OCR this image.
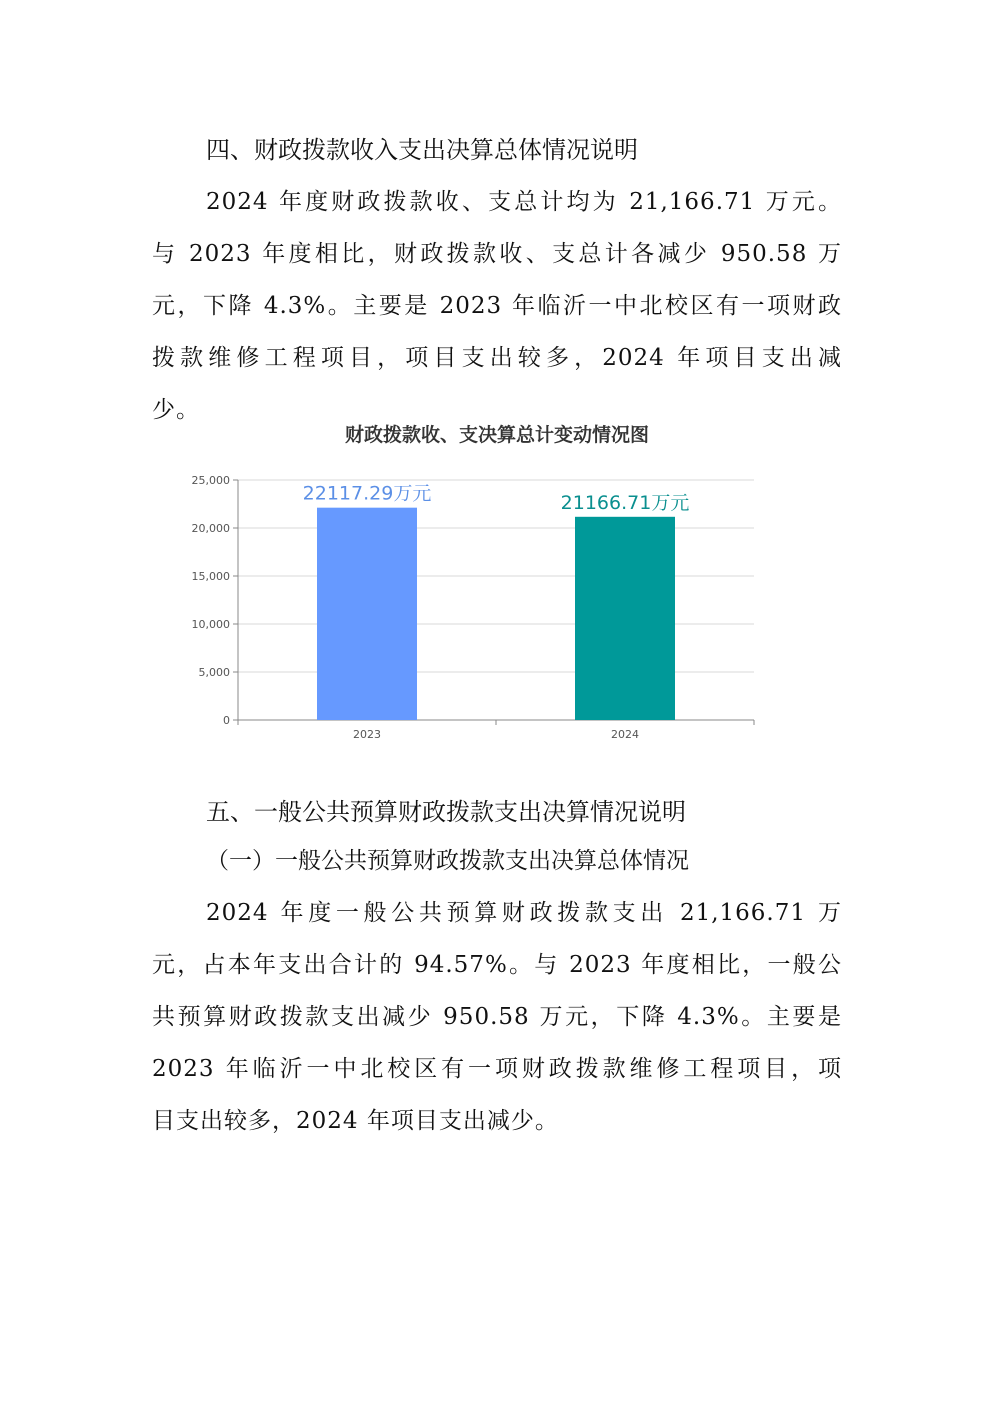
四、财政拨款收入支出决算总体情况说明
2024 年度财政拨款收、支总计均为 21,166.71 万元。
与 2023 年度相比，财政拨款收、支总计各减少 950.58 万
元，下降 4.3%。主要是 2023 年临沂一中北校区有一项财政
拨款维修工程项目，项目支出较多，2024 年项目支出减
少。
财政拨款收、支决算总计变动情况图
0
5,000
10,000
15,000
20,000
25,000
22117.29万元
2023
21166.71万元
2024
五、一般公共预算财政拨款支出决算情况说明
（一）一般公共预算财政拨款支出决算总体情况
2024 年度一般公共预算财政拨款支出 21,166.71 万
元，占本年支出合计的 94.57%。与 2023 年度相比，一般公
共预算财政拨款支出减少 950.58 万元，下降 4.3%。主要是
2023 年临沂一中北校区有一项财政拨款维修工程项目，项
目支出较多，2024 年项目支出减少。
